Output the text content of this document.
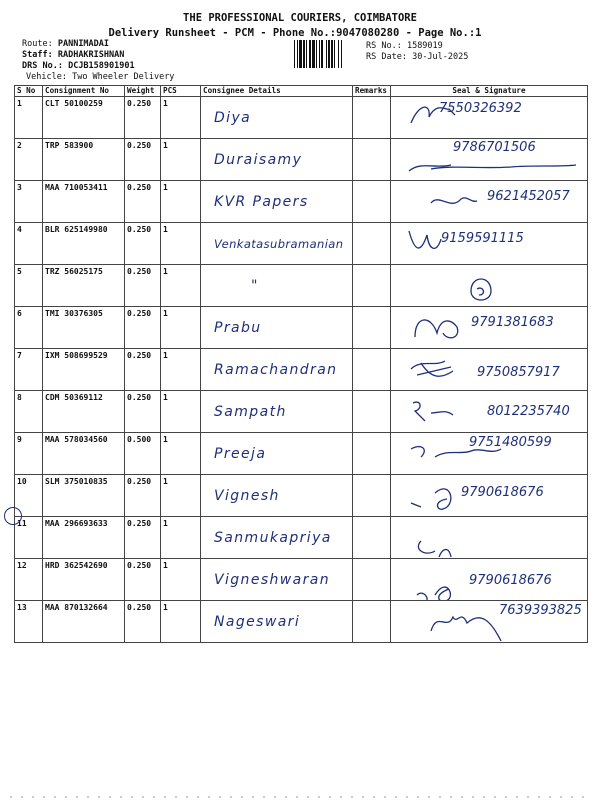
THE PROFESSIONAL COURIERS, COIMBATORE
Delivery Runsheet - PCM - Phone No.:9047080280 - Page No.:1
Route: PANNIMADAI
Staff: RADHAKRISHNAN
DRS No.: DCJB158901901
Vehicle: Two Wheeler Delivery
RS No.: 1589019
RS Date: 30-Jul-2025
S No	Consignment No	Weight	PCS	Consignee Details	Remarks	Seal & Signature
1	CLT 50100259	0.250	1	Diya		7550326392

2	TRP 583900	0.250	1	Duraisamy		9786701506

3	MAA 710053411	0.250	1	KVR Papers		9621452057

4	BLR 625149980	0.250	1	Venkatasubramanian		9159591115

5	TRZ 56025175	0.250	1	"

6	TMI 30376305	0.250	1	Prabu		9791381683

7	IXM 508699529	0.250	1	Ramachandran		9750857917

8	CDM 50369112	0.250	1	Sampath		8012235740

9	MAA 578034560	0.500	1	Preeja		9751480599

10	SLM 375010835	0.250	1	Vignesh		9790618676

11	MAA 296693633	0.250	1	Sanmukapriya

12	HRD 362542690	0.250	1	Vigneshwaran		9790618676

13	MAA 870132664	0.250	1	Nageswari		7639393825
